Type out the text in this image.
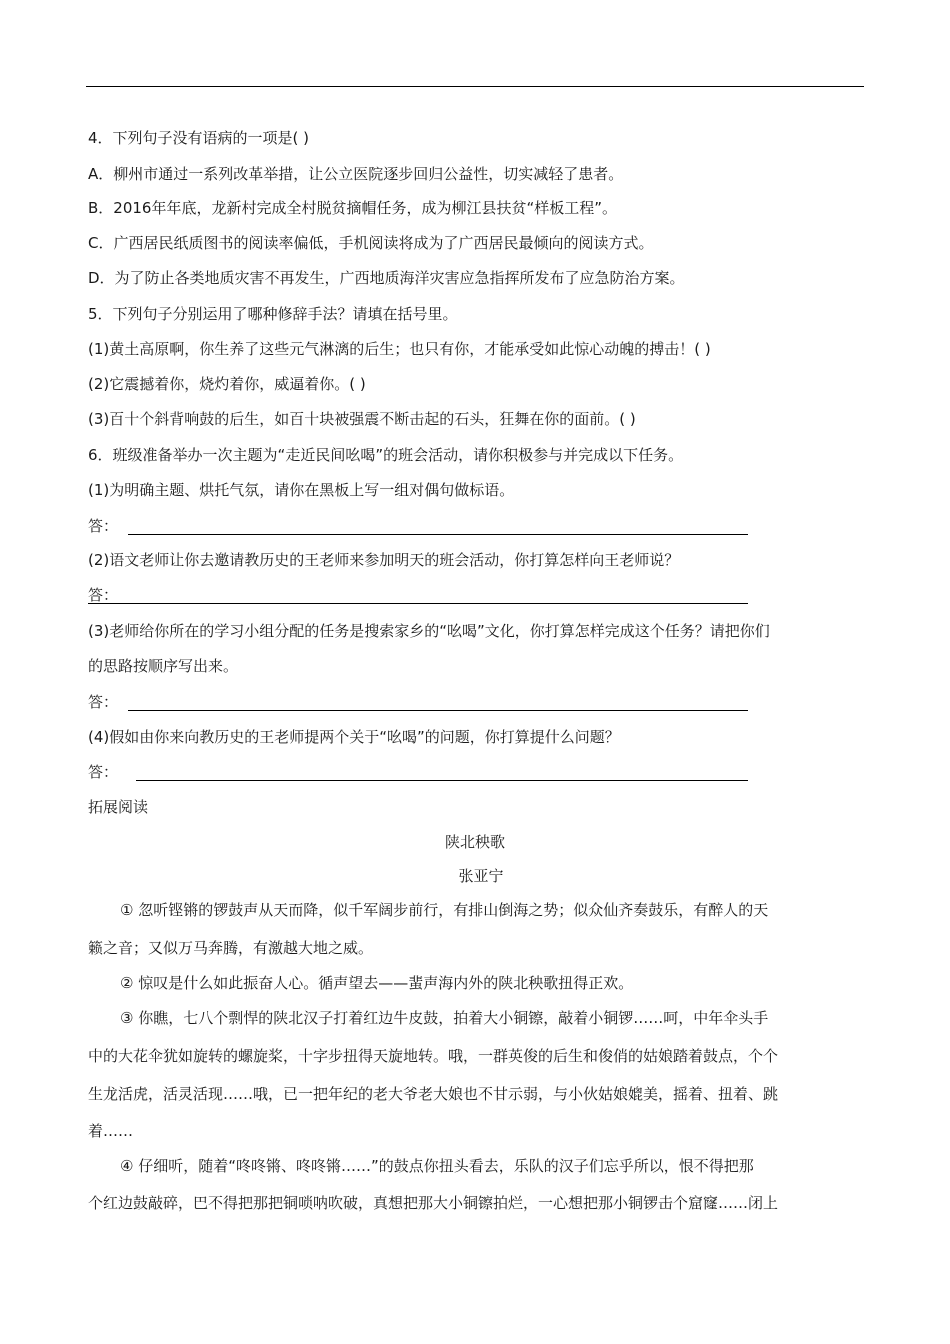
4．下列句子没有语病的一项是( )
A．柳州市通过一系列改革举措，让公立医院逐步回归公益性，切实减轻了患者。
B．2016年年底，龙新村完成全村脱贫摘帽任务，成为柳江县扶贫“样板工程”。
C．广西居民纸质图书的阅读率偏低，手机阅读将成为了广西居民最倾向的阅读方式。
D．为了防止各类地质灾害不再发生，广西地质海洋灾害应急指挥所发布了应急防治方案。
5．下列句子分别运用了哪种修辞手法？请填在括号里。
(1)黄土高原啊，你生养了这些元气淋漓的后生；也只有你，才能承受如此惊心动魄的搏击！( )
(2)它震撼着你，烧灼着你，威逼着你。( )
(3)百十个斜背响鼓的后生，如百十块被强震不断击起的石头，狂舞在你的面前。( )
6．班级准备举办一次主题为“走近民间吆喝”的班会活动，请你积极参与并完成以下任务。
(1)为明确主题、烘托气氛，请你在黑板上写一组对偶句做标语。
答：
(2)语文老师让你去邀请教历史的王老师来参加明天的班会活动，你打算怎样向王老师说？
答：
(3)老师给你所在的学习小组分配的任务是搜索家乡的“吆喝”文化，你打算怎样完成这个任务？请把你们
的思路按顺序写出来。
答：
(4)假如由你来向教历史的王老师提两个关于“吆喝”的问题，你打算提什么问题？
答：
拓展阅读
陕北秧歌
张亚宁
① 忽听铿锵的锣鼓声从天而降，似千军阔步前行，有排山倒海之势；似众仙齐奏鼓乐，有醉人的天
籁之音；又似万马奔腾，有激越大地之威。
② 惊叹是什么如此振奋人心。循声望去——蜚声海内外的陕北秧歌扭得正欢。
③ 你瞧，七八个剽悍的陕北汉子打着红边牛皮鼓，拍着大小铜镲，敲着小铜锣……呵，中年伞头手
中的大花伞犹如旋转的螺旋桨，十字步扭得天旋地转。哦，一群英俊的后生和俊俏的姑娘踏着鼓点，个个
生龙活虎，活灵活现……哦，已一把年纪的老大爷老大娘也不甘示弱，与小伙姑娘媲美，摇着、扭着、跳
着……
④ 仔细听，随着“咚咚锵、咚咚锵……”的鼓点你扭头看去，乐队的汉子们忘乎所以，恨不得把那
个红边鼓敲碎，巴不得把那把铜唢呐吹破，真想把那大小铜镲拍烂，一心想把那小铜锣击个窟窿……闭上
